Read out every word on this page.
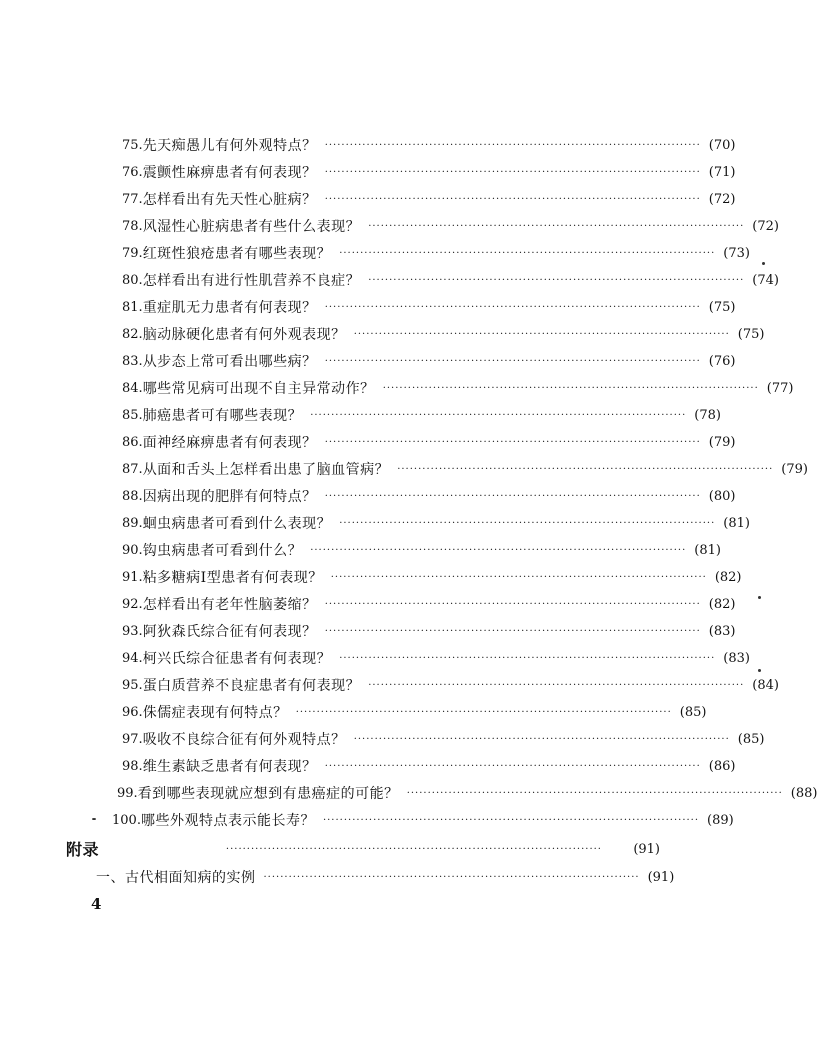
75. 先天痴愚儿有何外观特点？ ·························································································· (70)
76. 震颤性麻痹患者有何表现？ ·························································································· (71)
77. 怎样看出有先天性心脏病？ ·························································································· (72)
78. 风湿性心脏病患者有些什么表现？ ·························································································· (72)
79. 红斑性狼疮患者有哪些表现？ ·························································································· (73)
80. 怎样看出有进行性肌营养不良症？ ·························································································· (74)
81. 重症肌无力患者有何表现？ ·························································································· (75)
82. 脑动脉硬化患者有何外观表现？ ·························································································· (75)
83. 从步态上常可看出哪些病？ ·························································································· (76)
84. 哪些常见病可出现不自主异常动作？ ·························································································· (77)
85. 肺癌患者可有哪些表现？ ·························································································· (78)
86. 面神经麻痹患者有何表现？ ·························································································· (79)
87. 从面和舌头上怎样看出患了脑血管病？ ·························································································· (79)
88. 因病出现的肥胖有何特点？ ·························································································· (80)
89. 蛔虫病患者可看到什么表现？ ·························································································· (81)
90. 钩虫病患者可看到什么？ ·························································································· (81)
91. 粘多糖病Ⅰ型患者有何表现？ ·························································································· (82)
92. 怎样看出有老年性脑萎缩？ ·························································································· (82)
93. 阿狄森氏综合征有何表现？ ·························································································· (83)
94. 柯兴氏综合征患者有何表现？ ·························································································· (83)
95. 蛋白质营养不良症患者有何表现？ ·························································································· (84)
96. 侏儒症表现有何特点？ ·························································································· (85)
97. 吸收不良综合征有何外观特点？ ·························································································· (85)
98. 维生素缺乏患者有何表现？ ·························································································· (86)
99. 看到哪些表现就应想到有患癌症的可能？ ·························································································· (88)
100. 哪些外观特点表示能长寿？ ·························································································· (89)
附录	··························································································	(91)
一、古代相面知病的实例 ·························································································· (91)
4
